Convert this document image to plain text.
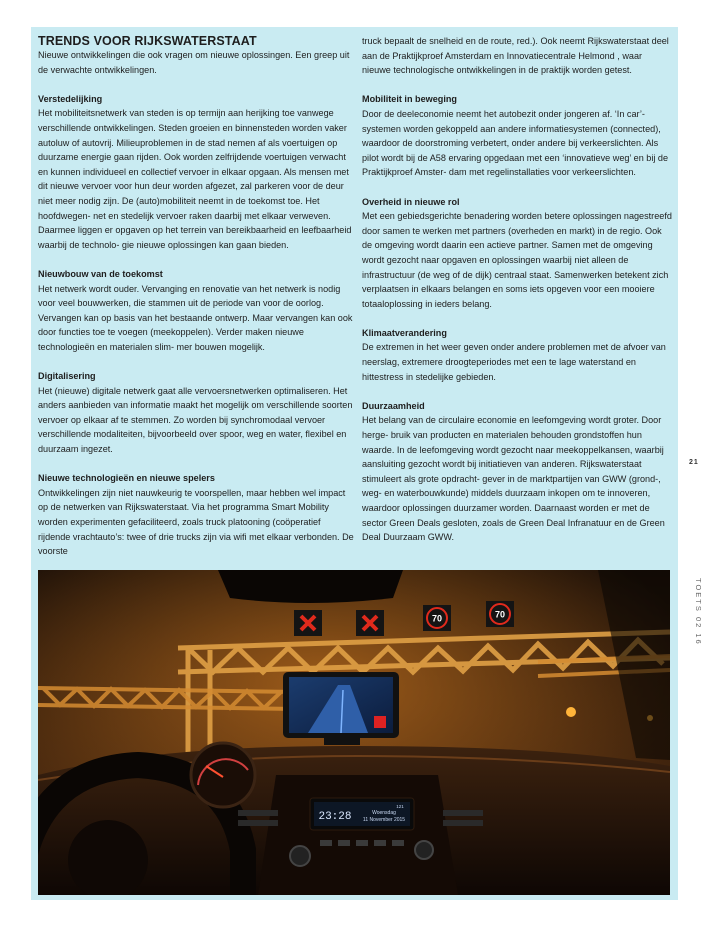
TRENDS VOOR RIJKSWATERSTAAT

Nieuwe ontwikkelingen die ook vragen om nieuwe oplossingen. Een greep uit de verwachte ontwikkelingen.

Verstedelijking

Het mobiliteitsnetwerk van steden is op termijn aan herijking toe vanwege verschillende ontwikkelingen. Steden groeien en binnensteden worden vaker autoluw of autovrij. Milieuproblemen in de stad nemen af als voertuigen op duurzame energie gaan rijden. Ook worden zelfrijdende voertuigen verwacht en kunnen individueel en collectief vervoer in elkaar opgaan. Als mensen met dit nieuwe vervoer voor hun deur worden afgezet, zal parkeren voor de deur niet meer nodig zijn. De (auto)mobiliteit neemt in de toekomst toe. Het hoofdwegen- net en stedelijk vervoer raken daarbij met elkaar verweven. Daarmee liggen er opgaven op het terrein van bereikbaarheid en leefbaarheid waarbij de technolo- gie nieuwe oplossingen kan gaan bieden.

Nieuwbouw van de toekomst

Het netwerk wordt ouder. Vervanging en renovatie van het netwerk is nodig voor veel bouwwerken, die stammen uit de periode van voor de oorlog. Vervangen kan op basis van het bestaande ontwerp. Maar vervangen kan ook door functies toe te voegen (meekoppelen). Verder maken nieuwe technologieën en materialen slim- mer bouwen mogelijk.

Digitalisering

Het (nieuwe) digitale netwerk gaat alle vervoersnetwerken optimaliseren. Het anders aanbieden van informatie maakt het mogelijk om verschillende soorten vervoer op elkaar af te stemmen. Zo worden bij synchromodaal vervoer verschillende modaliteiten, bijvoorbeeld over spoor, weg en water, flexibel en duurzaam ingezet.

Nieuwe technologieën en nieuwe spelers

Ontwikkelingen zijn niet nauwkeurig te voorspellen, maar hebben wel impact op de netwerken van Rijkswaterstaat. Via het programma Smart Mobility worden experimenten gefaciliteerd, zoals truck platooning (coöperatief rijdende vrachtauto’s: twee of drie trucks zijn via wifi met elkaar verbonden. De voorste

truck bepaalt de snelheid en de route, red.). Ook neemt Rijkswaterstaat deel aan de Praktijkproef Amsterdam en Innovatiecentrale Helmond , waar nieuwe technologische ontwikkelingen in de praktijk worden getest.

Mobiliteit in beweging

Door de deeleconomie neemt het autobezit onder jongeren af. ‘In car’- systemen worden gekoppeld aan andere informatiesystemen (connected), waardoor de doorstroming verbetert, onder andere bij verkeerslichten. Als pilot wordt bij de A58 ervaring opgedaan met een ‘innovatieve weg’ en bij de Praktijkproef Amster- dam met regelinstallaties voor verkeerslichten.

Overheid in nieuwe rol

Met een gebiedsgerichte benadering worden betere oplossingen nagestreefd door samen te werken met partners (overheden en markt) in de regio. Ook de omgeving wordt daarin een actieve partner. Samen met de omgeving wordt gezocht naar opgaven en oplossingen waarbij niet alleen de infrastructuur (de weg of de dijk) centraal staat. Samenwerken betekent zich verplaatsen in elkaars belangen en soms iets opgeven voor een mooiere totaaloplossing in ieders belang.

Klimaatverandering

De extremen in het weer geven onder andere problemen met de afvoer van neerslag, extremere droogteperiodes met een te lage waterstand en hittestress in stedelijke gebieden.

Duurzaamheid

Het belang van de circulaire economie en leefomgeving wordt groter. Door herge- bruik van producten en materialen behouden grondstoffen hun waarde. In de leefomgeving wordt gezocht naar meekoppelkansen, waarbij aansluiting gezocht wordt bij initiatieven van anderen. Rijkswaterstaat stimuleert als grote opdracht- gever in de marktpartijen van GWW (grond-, weg- en waterbouwkunde) middels duurzaam inkopen om te innoveren, waardoor oplossingen duurzamer worden. Daarnaast worden er met de sector Green Deals gesloten, zoals de Green Deal Infranatuur en de Green Deal Duurzaam GWW.

70	70
23:28	Woensdag
11 November 2015
121
21
TOETS 02 16
